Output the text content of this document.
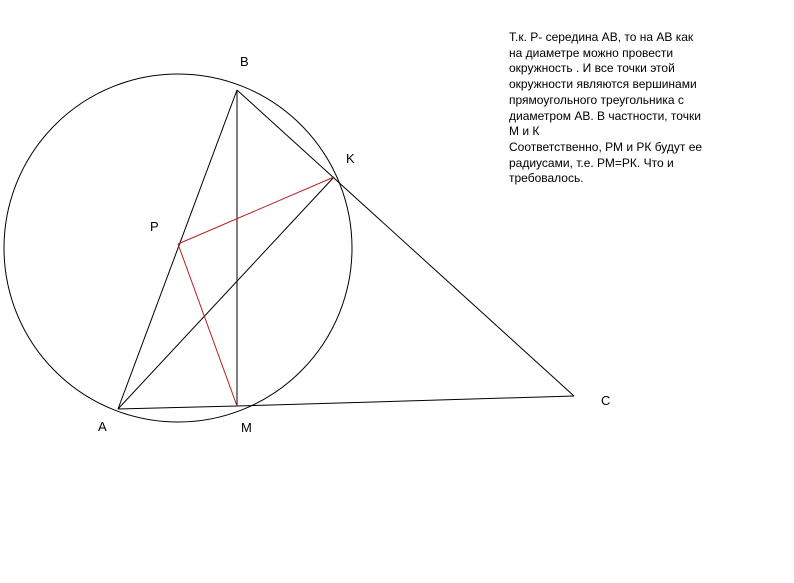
B
K
P
A	M
C
Т.к. Р- середина АВ, то на АВ как
на диаметре можно провести
окружность . И все точки этой
окружности являются вершинами
прямоугольного треугольника с
диаметром АВ. В частности, точки
М и К
Соответственно, РМ и РК будут ее
радиусами, т.е. РМ=РК. Что и
требовалось.
